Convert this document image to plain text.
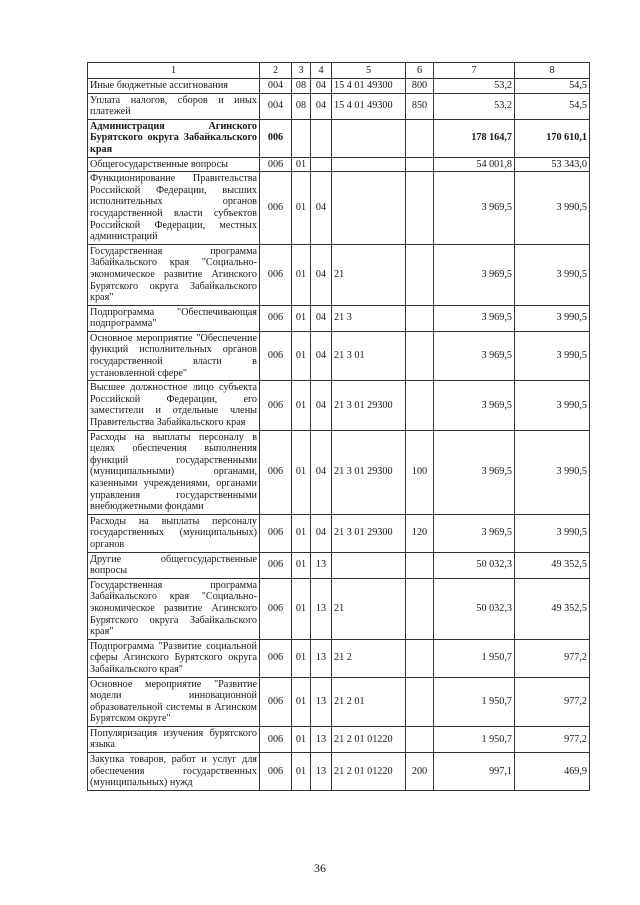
1	2	3	4	5	6	7	8
Иные бюджетные ассигнования	004	08	04	15 4 01 49300	800	53,2	54,5
Уплата налогов, сборов и иных платежей	004	08	04	15 4 01 49300	850	53,2	54,5
Администрация Агинского Бурятского округа Забайкальского края	006					178 164,7	170 610,1
Общегосударственные вопросы	006	01				54 001,8	53 343,0
Функционирование Правительства Российской Федерации, высших исполнительных органов государственной власти субъектов Российской Федерации, местных администраций	006	01	04			3 969,5	3 990,5
Государственная программа Забайкальского края "Социально-экономическое развитие Агинского Бурятского округа Забайкальского края"	006	01	04	21		3 969,5	3 990,5
Подпрограмма "Обеспечивающая подпрограмма"	006	01	04	21 3		3 969,5	3 990,5
Основное мероприятие "Обеспечение функций исполнительных органов государственной власти в установленной сфере"	006	01	04	21 3 01		3 969,5	3 990,5
Высшее должностное лицо субъекта Российской Федерации, его заместители и отдельные члены Правительства Забайкальского края	006	01	04	21 3 01 29300		3 969,5	3 990,5
Расходы на выплаты персоналу в целях обеспечения выполнения функций государственными (муниципальными) органами, казенными учреждениями, органами управления государственными внебюджетными фондами	006	01	04	21 3 01 29300	100	3 969,5	3 990,5
Расходы на выплаты персоналу государственных (муниципальных) органов	006	01	04	21 3 01 29300	120	3 969,5	3 990,5
Другие общегосударственные вопросы	006	01	13			50 032,3	49 352,5
Государственная программа Забайкальского края "Социально-экономическое развитие Агинского Бурятского округа Забайкальского края"	006	01	13	21		50 032,3	49 352,5
Подпрограмма "Развитие социальной сферы Агинского Бурятского округа Забайкальского края"	006	01	13	21 2		1 950,7	977,2
Основное мероприятие "Развитие модели инновационной образовательной системы в Агинском Бурятском округе"	006	01	13	21 2 01		1 950,7	977,2
Популяризация изучения бурятского языка	006	01	13	21 2 01 01220		1 950,7	977,2
Закупка товаров, работ и услуг для обеспечения государственных (муниципальных) нужд	006	01	13	21 2 01 01220	200	997,1	469,9
36
